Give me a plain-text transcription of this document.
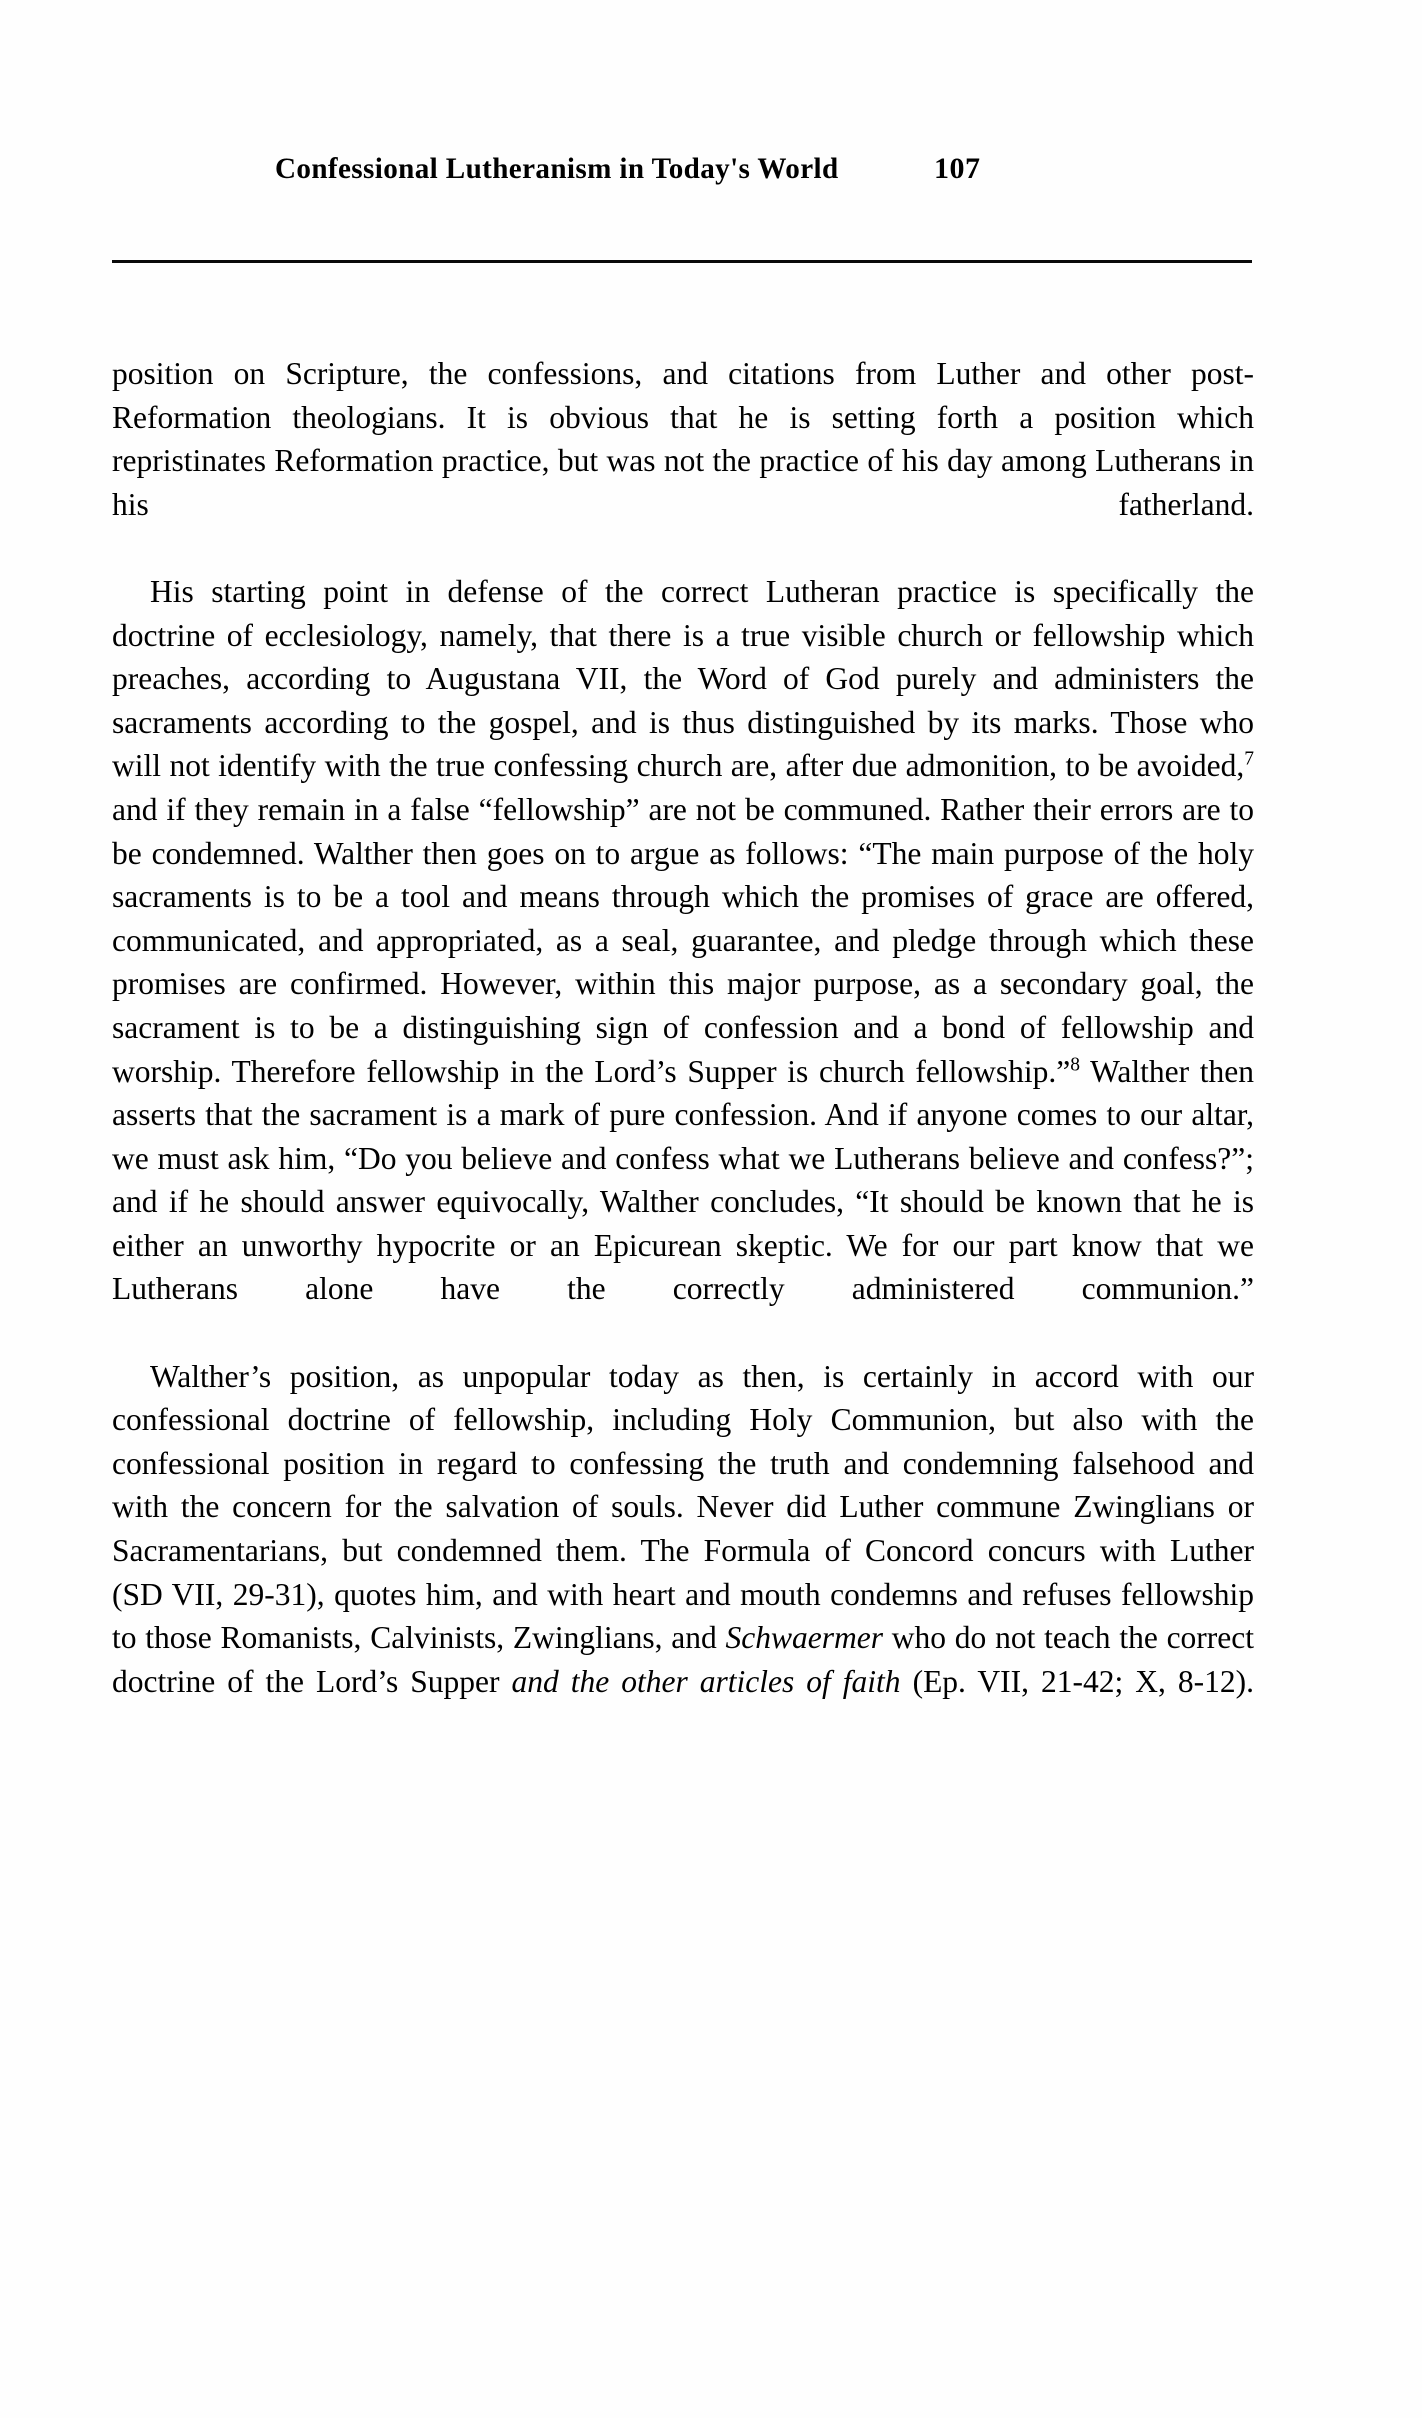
Confessional Lutheranism in Today's World	107

position on Scripture, the confessions, and citations from Luther and other post-Reformation theologians. It is obvious that he is setting forth a position which repristinates Reformation practice, but was not the practice of his day among Lutherans in his fatherland.

His starting point in defense of the correct Lutheran practice is specifically the doctrine of ecclesiology, namely, that there is a true visible church or fellowship which preaches, according to Augustana VII, the Word of God purely and administers the sacraments according to the gospel, and is thus distinguished by its marks. Those who will not identify with the true confessing church are, after due admonition, to be avoided,$^7$ and if they remain in a false “fellowship” are not be communed. Rather their errors are to be condemned. Walther then goes on to argue as follows: “The main purpose of the holy sacraments is to be a tool and means through which the promises of grace are offered, communicated, and appropriated, as a seal, guarantee, and pledge through which these promises are confirmed. However, within this major purpose, as a secondary goal, the sacrament is to be a distinguishing sign of confession and a bond of fellowship and worship. Therefore fellowship in the Lord’s Supper is church fellowship.”$^8$ Walther then asserts that the sacrament is a mark of pure confession. And if anyone comes to our altar, we must ask him, “Do you believe and confess what we Lutherans believe and confess?”; and if he should answer equivocally, Walther concludes, “It should be known that he is either an unworthy hypocrite or an Epicurean skeptic. We for our part know that we Lutherans alone have the correctly administered communion.”

Walther’s position, as unpopular today as then, is certainly in accord with our confessional doctrine of fellowship, including Holy Communion, but also with the confessional position in regard to confessing the truth and condemning falsehood and with the concern for the salvation of souls. Never did Luther commune Zwinglians or Sacramentarians, but condemned them. The Formula of Concord concurs with Luther (SD VII, 29-31), quotes him, and with heart and mouth condemns and refuses fellowship to those Romanists, Calvinists, Zwinglians, and Schwaermer who do not teach the correct doctrine of the Lord’s Supper and the other articles of faith (Ep. VII, 21-42; X, 8-12).
